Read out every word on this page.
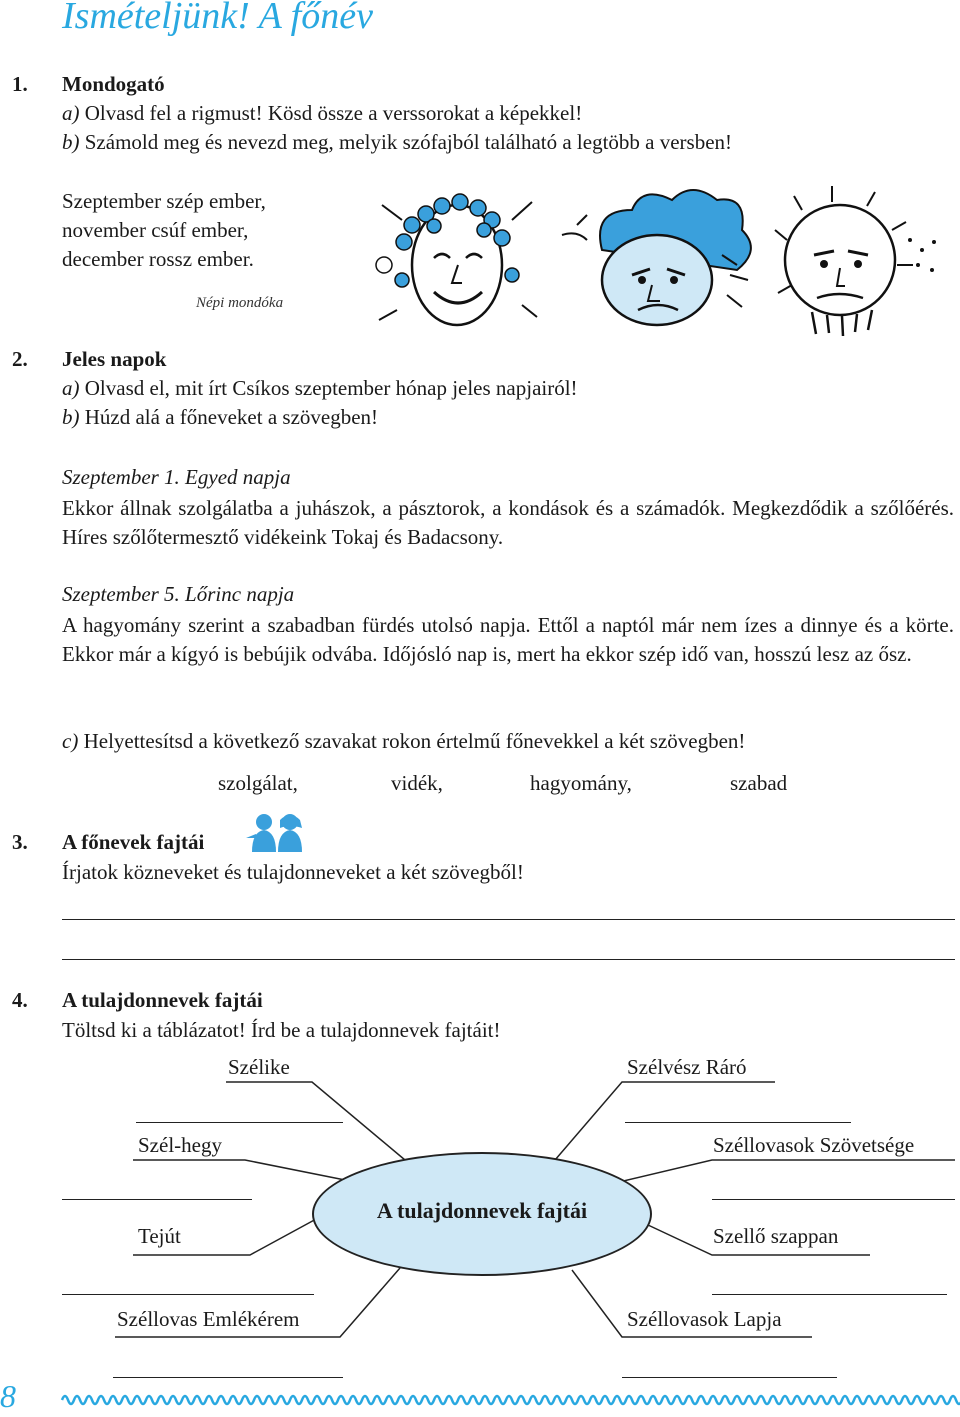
Ismételjünk! A főnév
1. Mondogató
a) Olvasd fel a rigmust! Kösd össze a verssorokat a képekkel!
b) Számold meg és nevezd meg, melyik szófajból található a legtöbb a versben!
Szeptember szép ember,
november csúf ember,
december rossz ember.
Népi mondóka
2. Jeles napok
a) Olvasd el, mit írt Csíkos szeptember hónap jeles napjairól!
b) Húzd alá a főneveket a szövegben!
Szeptember 1. Egyed napja
Ekkor állnak szolgálatba a juhászok, a pásztorok, a kondások és a számadók. Megkezdődik a szőlőérés. Híres szőlőtermesztő vidékeink Tokaj és Badacsony.
Szeptember 5. Lőrinc napja
A hagyomány szerint a szabadban fürdés utolsó napja. Ettől a naptól már nem ízes a dinnye és a körte. Ekkor már a kígyó is bebújik odvába. Időjósló nap is, mert ha ekkor szép idő van, hosszú lesz az ősz.
c) Helyettesítsd a következő szavakat rokon értelmű főnevekkel a két szövegben!
szolgálat,	vidék,	hagyomány,	szabad
3. A főnevek fajtái
Írjatok közneveket és tulajdonneveket a két szövegből!
4. A tulajdonnevek fajtái
Töltsd ki a táblázatot! Írd be a tulajdonnevek fajtáit!
A tulajdonnevek fajtái
Szélike
Szél-hegy
Tejút
Széllovas Emlékérem
Szélvész Ráró
Széllovasok Szövetsége
Szellő szappan
Széllovasok Lapja
8
